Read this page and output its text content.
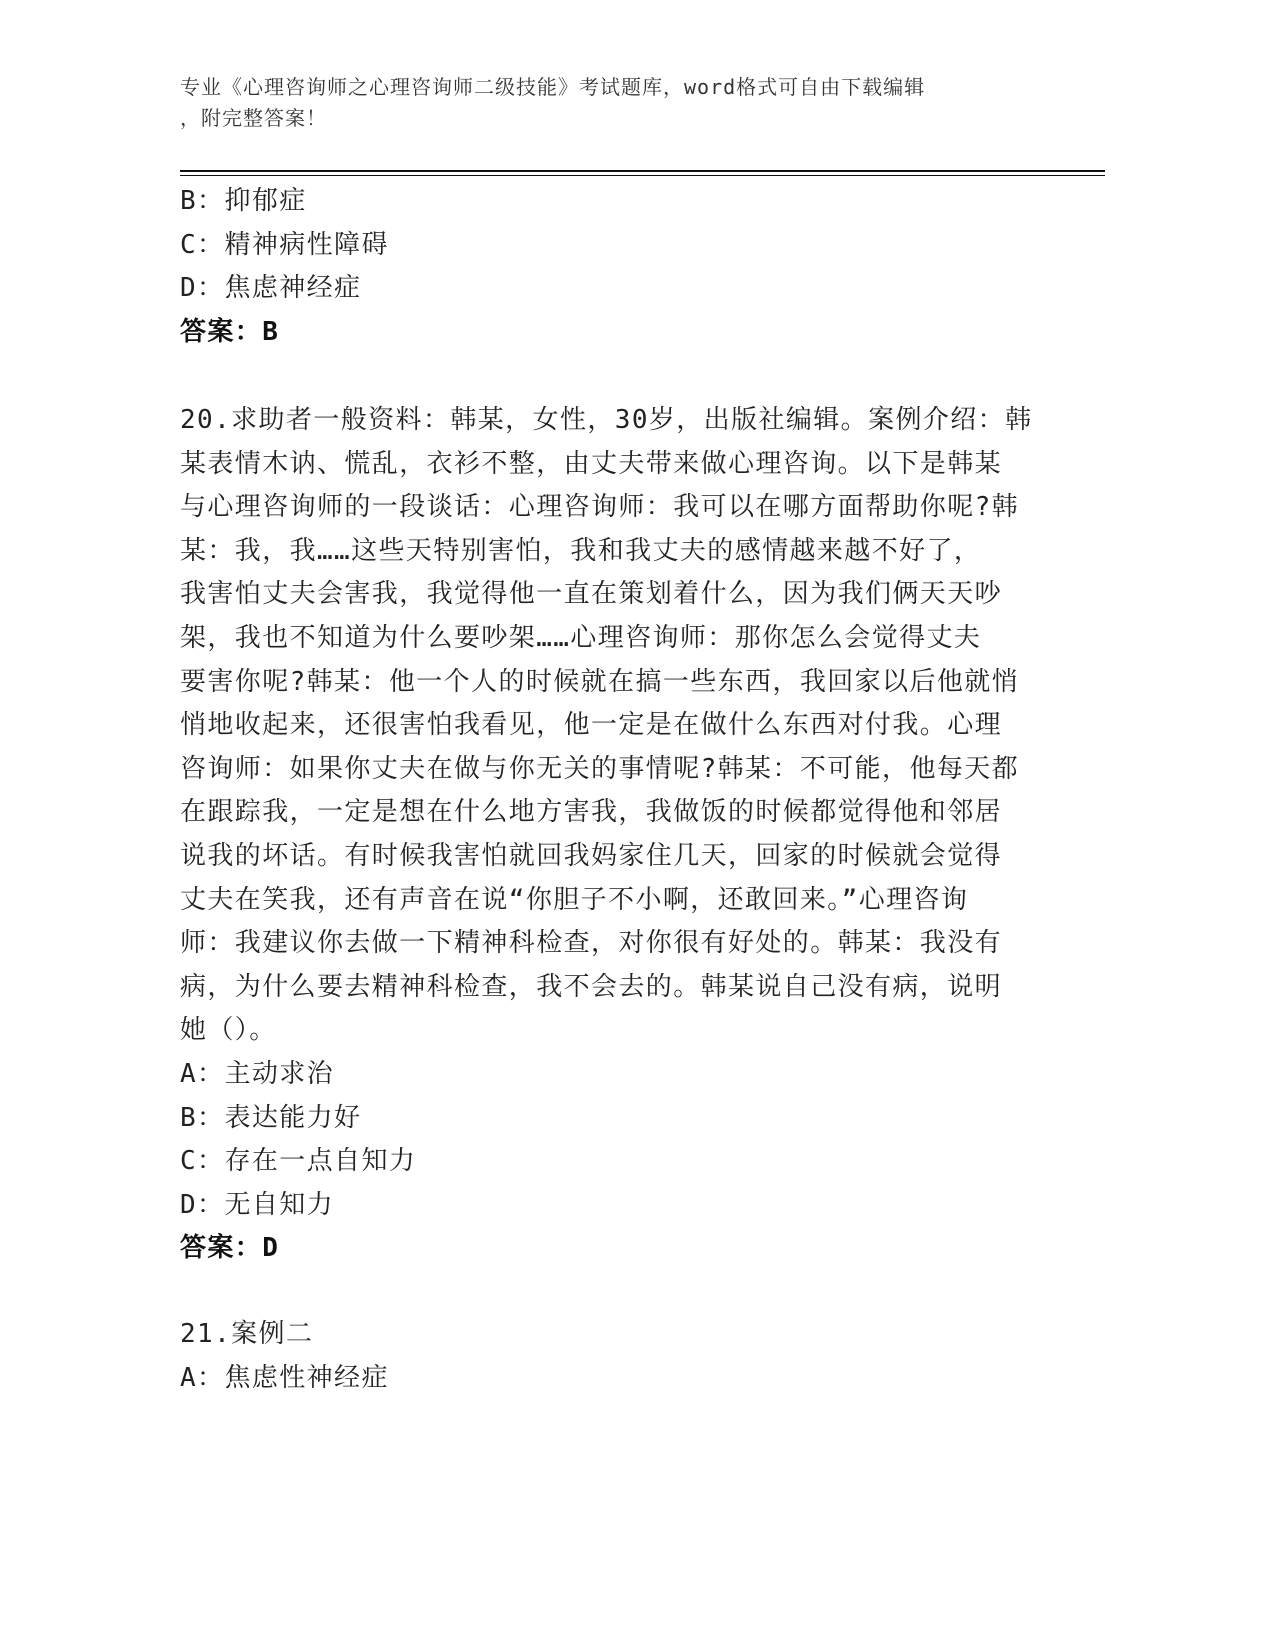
专业《心理咨询师之心理咨询师二级技能》考试题库，word格式可自由下载编辑
，附完整答案！
B：抑郁症
C：精神病性障碍
D：焦虑神经症
答案：B
20.求助者一般资料：韩某，女性，30岁，出版社编辑。案例介绍：韩
某表情木讷、慌乱，衣衫不整，由丈夫带来做心理咨询。以下是韩某
与心理咨询师的一段谈话：心理咨询师：我可以在哪方面帮助你呢?韩
某：我，我……这些天特别害怕，我和我丈夫的感情越来越不好了，
我害怕丈夫会害我，我觉得他一直在策划着什么，因为我们俩天天吵
架，我也不知道为什么要吵架……心理咨询师：那你怎么会觉得丈夫
要害你呢?韩某：他一个人的时候就在搞一些东西，我回家以后他就悄
悄地收起来，还很害怕我看见，他一定是在做什么东西对付我。心理
咨询师：如果你丈夫在做与你无关的事情呢?韩某：不可能，他每天都
在跟踪我，一定是想在什么地方害我，我做饭的时候都觉得他和邻居
说我的坏话。有时候我害怕就回我妈家住几天，回家的时候就会觉得
丈夫在笑我，还有声音在说“你胆子不小啊，还敢回来。”心理咨询
师：我建议你去做一下精神科检查，对你很有好处的。韩某：我没有
病，为什么要去精神科检查，我不会去的。韩某说自己没有病，说明
她（）。
A：主动求治
B：表达能力好
C：存在一点自知力
D：无自知力
答案：D
21.案例二
A：焦虑性神经症
